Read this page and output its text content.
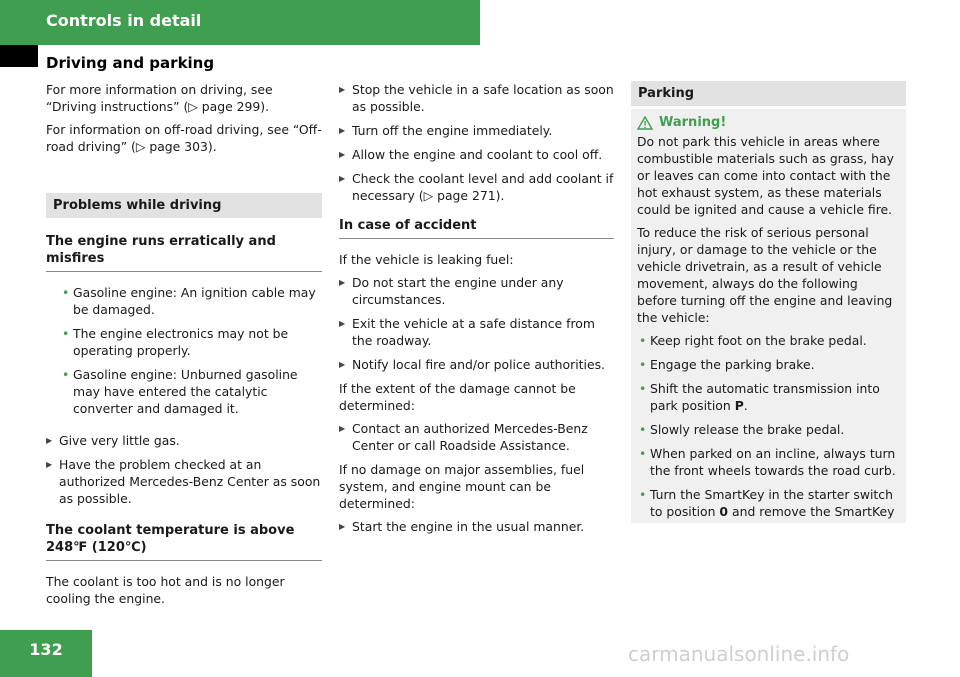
Controls in detail
Driving and parking

For more information on driving, see “Driving instructions” (▷ page 299).

For information on off-road driving, see “Off-road driving” (▷ page 303).

Problems while driving
The engine runs erratically and misfires
• Gasoline engine: An ignition cable may be damaged.
• The engine electronics may not be operating properly.
• Gasoline engine: Unburned gasoline may have entered the catalytic converter and damaged it.
▶ Give very little gas.
▶ Have the problem checked at an authorized Mercedes-Benz Center as soon as possible.
The coolant temperature is above 248℉ (120℃)

The coolant is too hot and is no longer cooling the engine.

▶ Stop the vehicle in a safe location as soon as possible.
▶ Turn off the engine immediately.
▶ Allow the engine and coolant to cool off.
▶ Check the coolant level and add coolant if necessary (▷ page 271).
In case of accident

If the vehicle is leaking fuel:

▶ Do not start the engine under any circumstances.
▶ Exit the vehicle at a safe distance from the roadway.
▶ Notify local fire and/or police authorities.

If the extent of the damage cannot be determined:

▶ Contact an authorized Mercedes-Benz Center or call Roadside Assistance.

If no damage on major assemblies, fuel system, and engine mount can be determined:

▶ Start the engine in the usual manner.
Parking
Warning!

Do not park this vehicle in areas where combustible materials such as grass, hay or leaves can come into contact with the hot exhaust system, as these materials could be ignited and cause a vehicle fire.

To reduce the risk of serious personal injury, or damage to the vehicle or the vehicle drivetrain, as a result of vehicle movement, always do the following before turning off the engine and leaving the vehicle:

• Keep right foot on the brake pedal.
• Engage the parking brake.
• Shift the automatic transmission into park position P.
• Slowly release the brake pedal.
• When parked on an incline, always turn the front wheels towards the road curb.
• Turn the SmartKey in the starter switch to position 0 and remove the SmartKey
132	carmanualsonline.info
